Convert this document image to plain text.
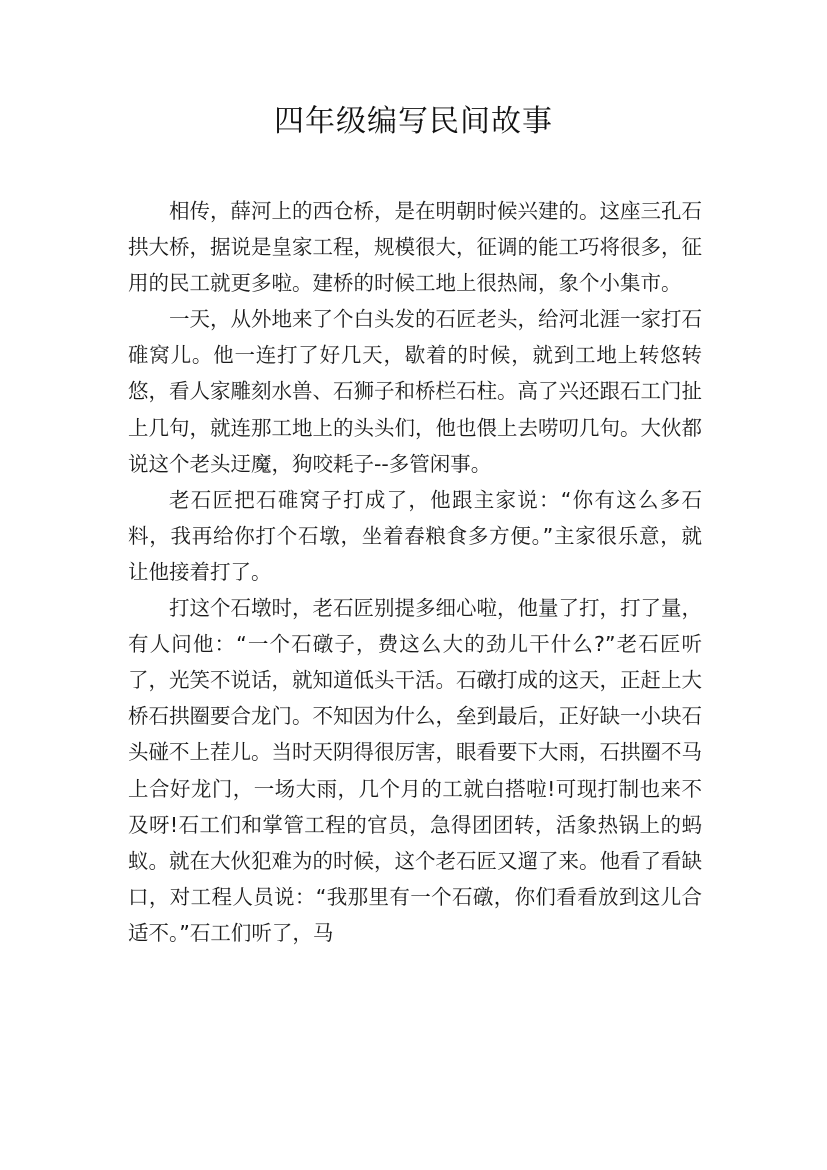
四年级编写民间故事

相传，薛河上的西仓桥，是在明朝时候兴建的。这座三孔石拱大桥，据说是皇家工程，规模很大，征调的能工巧将很多，征用的民工就更多啦。建桥的时候工地上很热闹，象个小集市。

一天，从外地来了个白头发的石匠老头，给河北涯一家打石碓窝儿。他一连打了好几天，歇着的时候，就到工地上转悠转悠，看人家雕刻水兽、石狮子和桥栏石柱。高了兴还跟石工门扯上几句，就连那工地上的头头们，他也偎上去唠叨几句。大伙都说这个老头迂魔，狗咬耗子--多管闲事。

老石匠把石碓窝子打成了，他跟主家说：“你有这么多石料，我再给你打个石墩，坐着舂粮食多方便。”主家很乐意，就让他接着打了。

打这个石墩时，老石匠别提多细心啦，他量了打，打了量，有人问他：“一个石礅子，费这么大的劲儿干什么?”老石匠听了，光笑不说话，就知道低头干活。石礅打成的这天，正赶上大桥石拱圈要合龙门。不知因为什么，垒到最后，正好缺一小块石头碰不上茬儿。当时天阴得很厉害，眼看要下大雨，石拱圈不马上合好龙门，一场大雨，几个月的工就白搭啦!可现打制也来不及呀!石工们和掌管工程的官员，急得团团转，活象热锅上的蚂蚁。就在大伙犯难为的时候，这个老石匠又遛了来。他看了看缺口，对工程人员说：“我那里有一个石礅，你们看看放到这儿合适不。”石工们听了，马
